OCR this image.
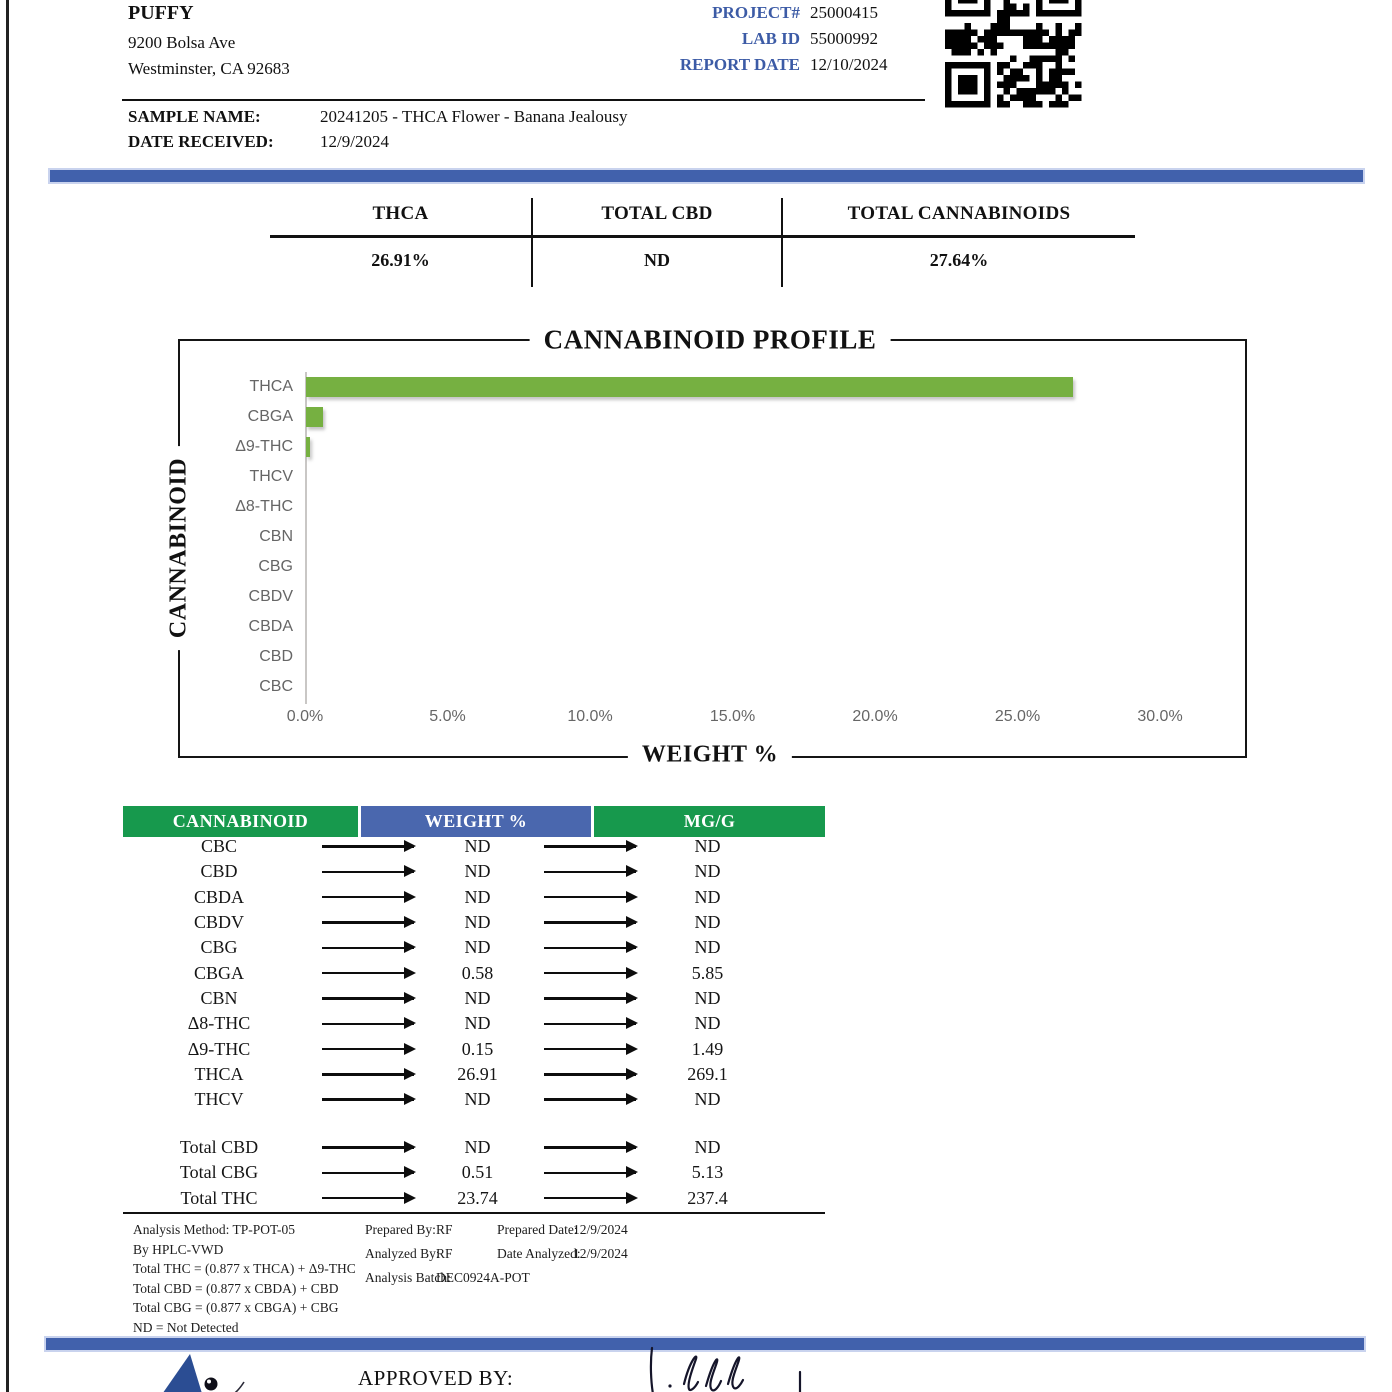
PUFFY
9200 Bolsa Ave
Westminster, CA 92683
PROJECT# 25000415
LAB ID 55000992
REPORT DATE 12/10/2024
SAMPLE NAME:	20241205 - THCA Flower - Banana Jealousy
DATE RECEIVED:	12/9/2024
THCA	TOTAL CBD	TOTAL CANNABINOIDS
26.91%	ND	27.64%
CANNABINOID PROFILE
WEIGHT %
CANNABINOID
THCA
CBGA
Δ9-THC
THCV
Δ8-THC
CBN
CBG
CBDV
CBDA
CBD
CBC
0.0%	5.0%	10.0%	15.0%	20.0%	25.0%	30.0%
CANNABINOID	WEIGHT %	MG/G
CBC	ND	ND
CBD	ND	ND
CBDA	ND	ND
CBDV	ND	ND
CBG	ND	ND
CBGA	0.58	5.85
CBN	ND	ND
Δ8-THC	ND	ND
Δ9-THC	0.15	1.49
THCA	26.91	269.1
THCV	ND	ND
Total CBD	ND	ND
Total CBG	0.51	5.13
Total THC	23.74	237.4
Analysis Method: TP-POT-05
By HPLC-VWD
Total THC = (0.877 x THCA) + Δ9-THC
Total CBD = (0.877 x CBDA) + CBD
Total CBG = (0.877 x CBGA) + CBG
ND = Not Detected
Prepared By: RF	Prepared Date:
12/9/2024
Analyzed By:
RF	Date Analyzed:
12/9/2024
Analysis Batch:
DEC0924A-POT
APPROVED BY:
